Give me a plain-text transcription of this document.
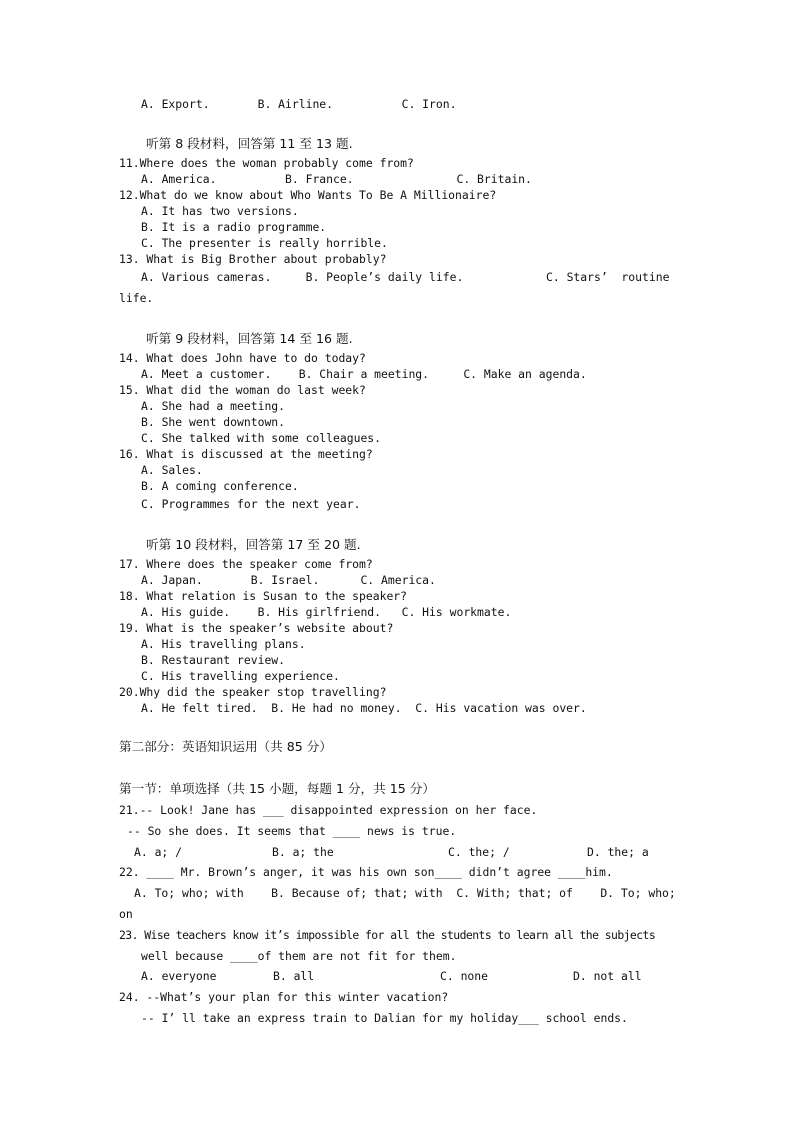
A. Export.       B. Airline.          C. Iron.
听第 8 段材料，回答第 11 至 13 题.
11.Where does the woman probably come from?
A. America.          B. France.               C. Britain.
12.What do we know about Who Wants To Be A Millionaire?
A. It has two versions.
B. It is a radio programme.
C. The presenter is really horrible.
13. What is Big Brother about probably?
A. Various cameras.     B. People’s daily life.	C. Stars’  routine
life.
听第 9 段材料，回答第 14 至 16 题.
14. What does John have to do today?
A. Meet a customer.    B. Chair a meeting.     C. Make an agenda.
15. What did the woman do last week?
A. She had a meeting.
B. She went downtown.
C. She talked with some colleagues.
16. What is discussed at the meeting?
A. Sales.
B. A coming conference.
C. Programmes for the next year.
听第 10 段材料，回答第 17 至 20 题.
17. Where does the speaker come from?
A. Japan.       B. Israel.      C. America.
18. What relation is Susan to the speaker?
A. His guide.    B. His girlfriend.   C. His workmate.
19. What is the speaker’s website about?
A. His travelling plans.
B. Restaurant review.
C. His travelling experience.
20.Why did the speaker stop travelling?
A. He felt tired.  B. He had no money.  C. His vacation was over.
第二部分：英语知识运用（共 85 分）
第一节：单项选择（共 15 小题，每题 1 分，共 15 分）
21.-- Look! Jane has ___ disappointed expression on her face.
-- So she does. It seems that ____ news is true.
A. a; /	B. a; the	C. the; /	D. the; a
22. ____ Mr. Brown’s anger, it was his own son____ didn’t agree ____him.
A. To; who; with    B. Because of; that; with  C. With; that; of    D. To; who;
on
23. Wise teachers know it’s impossible for all the students to learn all the subjects
well because ____of them are not fit for them.
A. everyone	B. all	C. none	D. not all
24. --What’s your plan for this winter vacation?
-- I’ ll take an express train to Dalian for my holiday___ school ends.
